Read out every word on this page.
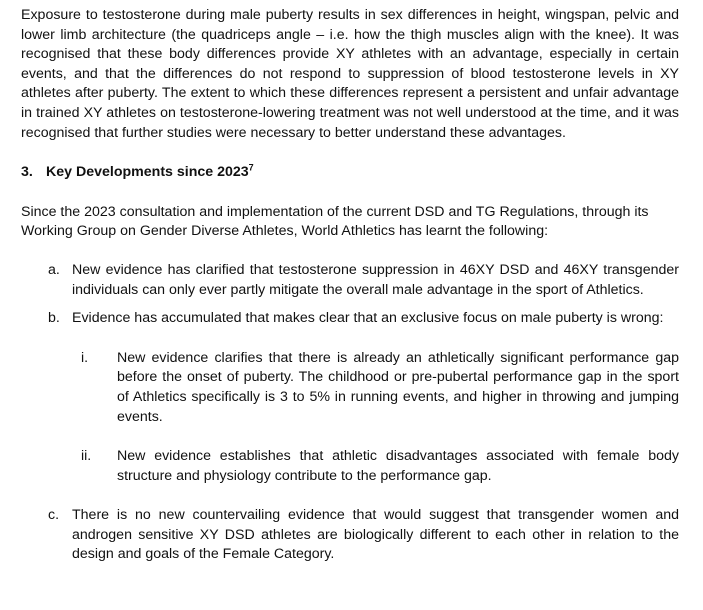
Exposure to testosterone during male puberty results in sex differences in height, wingspan, pelvic and lower limb architecture (the quadriceps angle – i.e. how the thigh muscles align with the knee). It was recognised that these body differences provide XY athletes with an advantage, especially in certain events, and that the differences do not respond to suppression of blood testosterone levels in XY athletes after puberty. The extent to which these differences represent a persistent and unfair advantage in trained XY athletes on testosterone-lowering treatment was not well understood at the time, and it was recognised that further studies were necessary to better understand these advantages.

3. Key Developments since 2023$^7$

Since the 2023 consultation and implementation of the current DSD and TG Regulations, through its Working Group on Gender Diverse Athletes, World Athletics has learnt the following:

a. New evidence has clarified that testosterone suppression in 46XY DSD and 46XY transgender individuals can only ever partly mitigate the overall male advantage in the sport of Athletics.
b. Evidence has accumulated that makes clear that an exclusive focus on male puberty is wrong:
i.	New evidence clarifies that there is already an athletically significant performance gap before the onset of puberty. The childhood or pre-pubertal performance gap in the sport of Athletics specifically is 3 to 5% in running events, and higher in throwing and jumping events.
ii.	New evidence establishes that athletic disadvantages associated with female body structure and physiology contribute to the performance gap.
c. There is no new countervailing evidence that would suggest that transgender women and androgen sensitive XY DSD athletes are biologically different to each other in relation to the design and goals of the Female Category.
